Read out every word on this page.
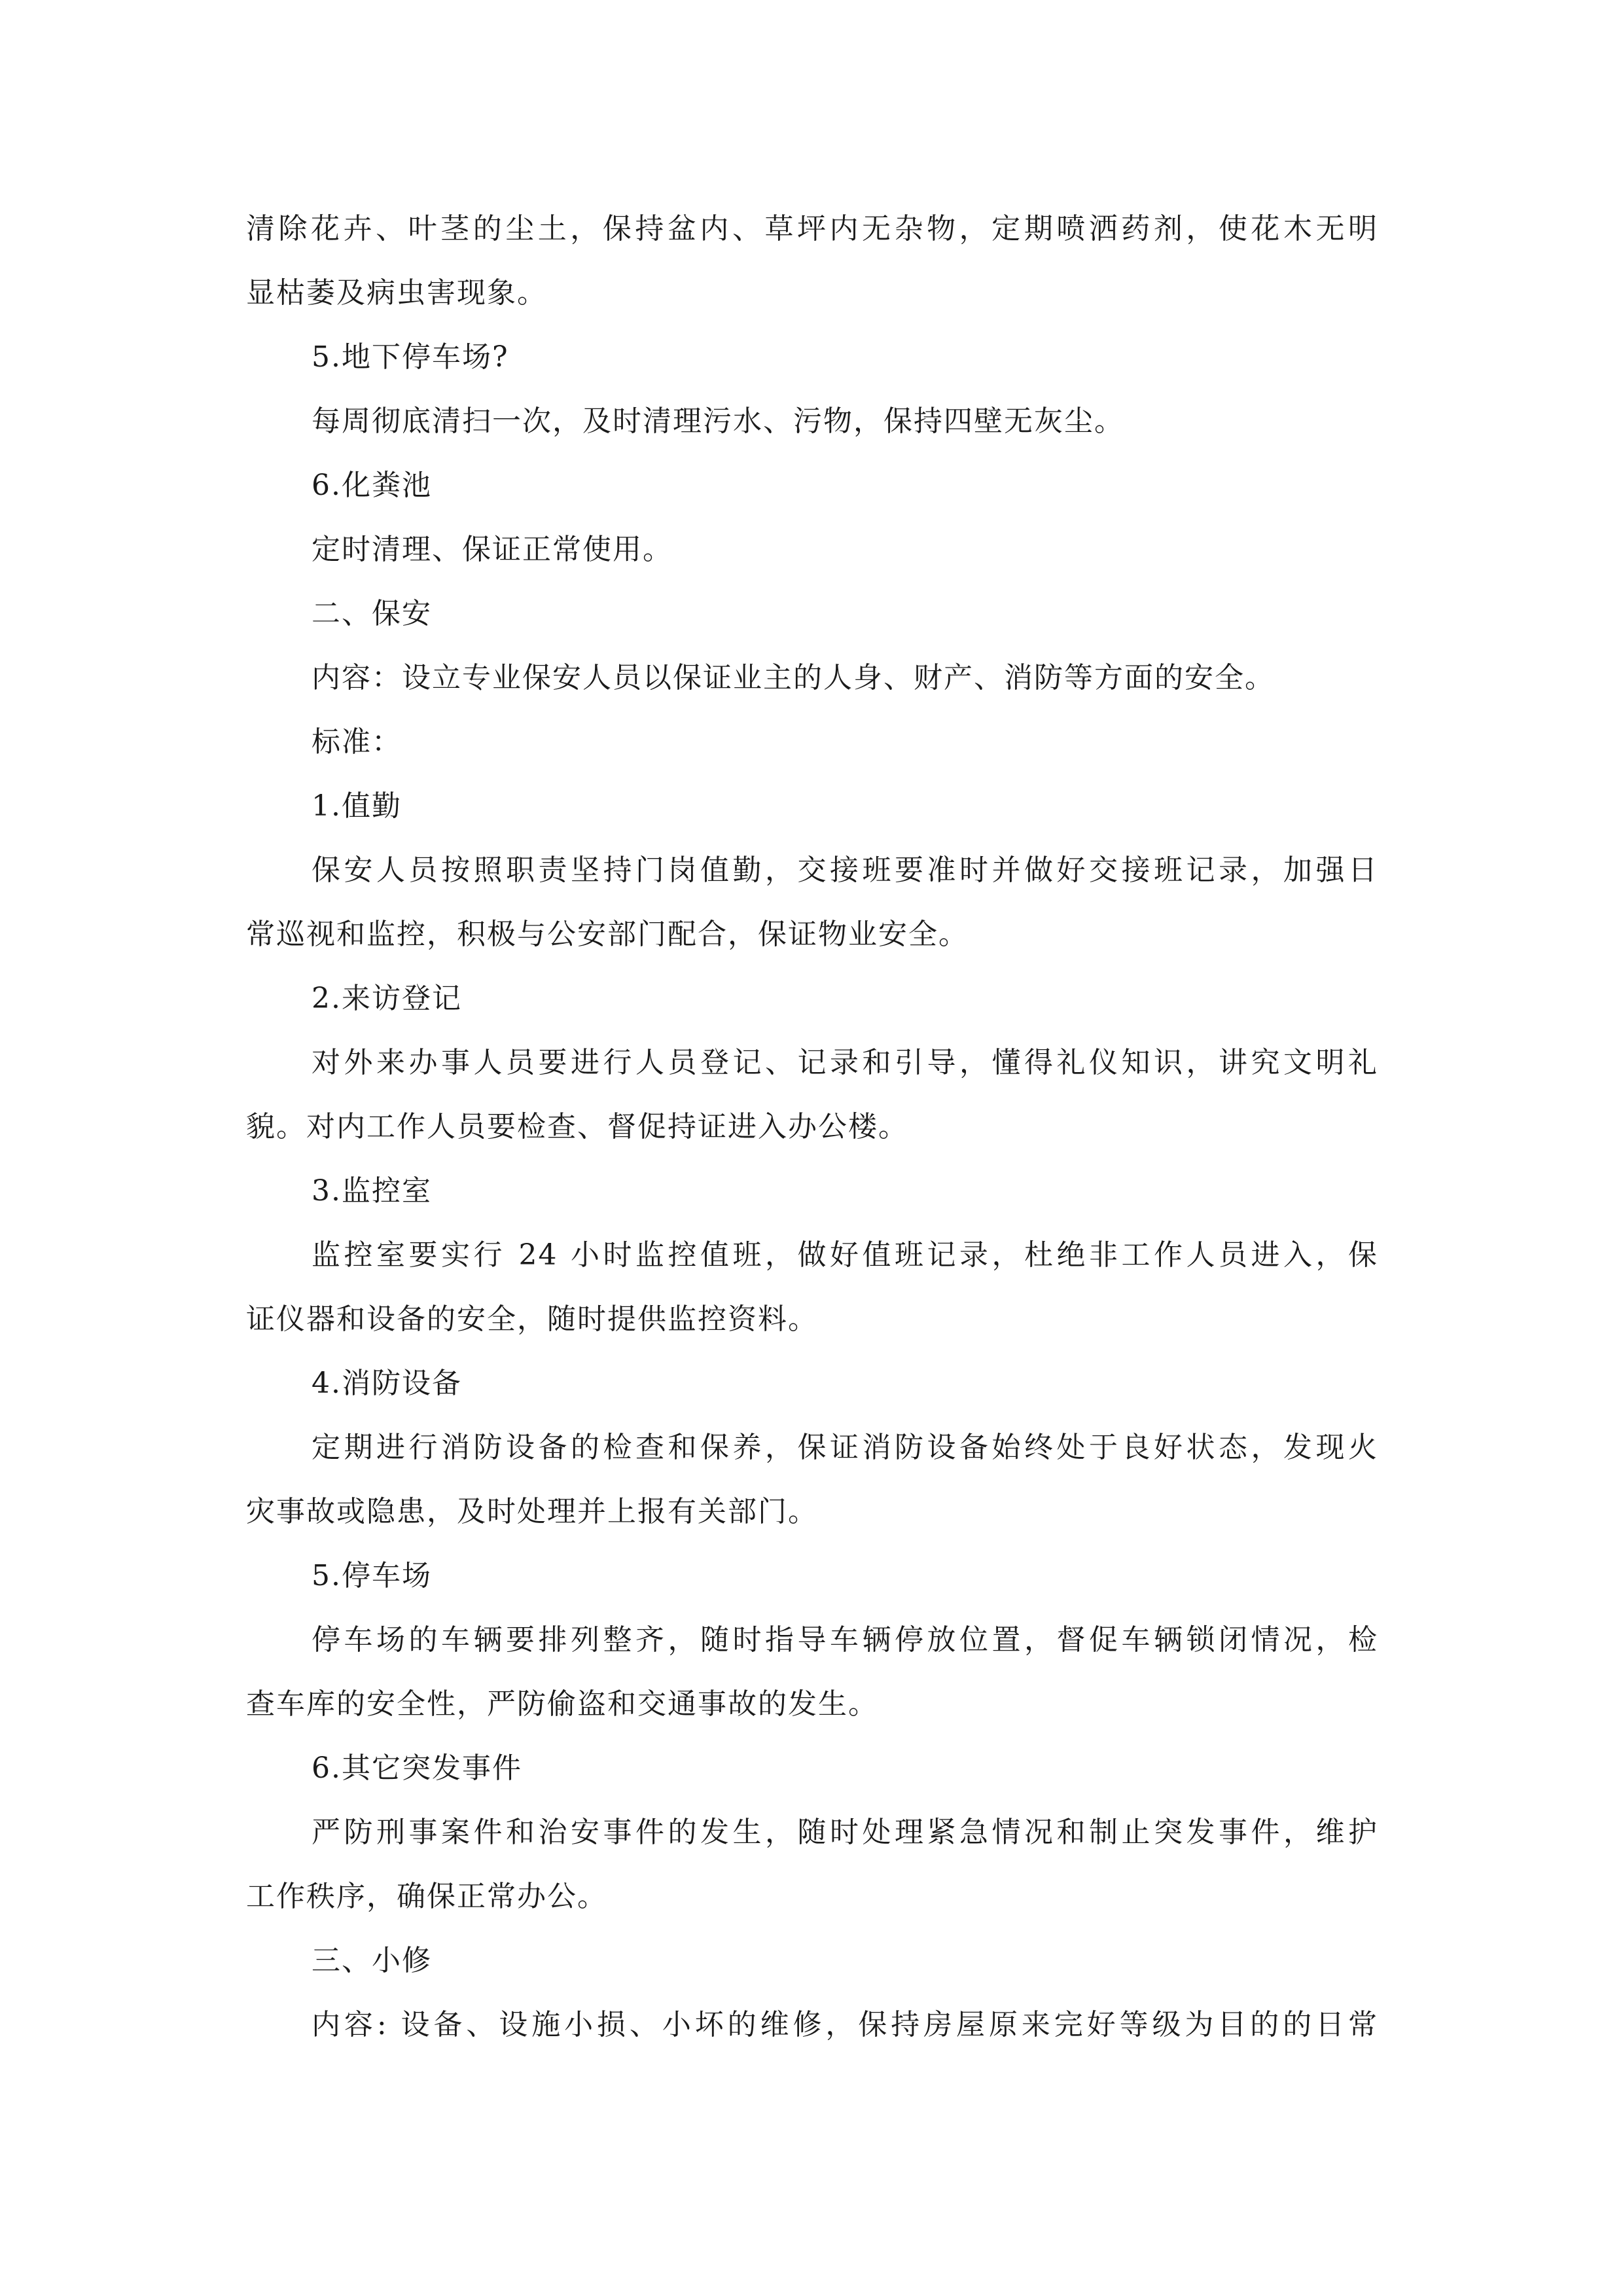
清除花卉、叶茎的尘土，保持盆内、草坪内无杂物，定期喷洒药剂，使花木无明
显枯萎及病虫害现象。
5.地下停车场?
每周彻底清扫一次，及时清理污水、污物，保持四壁无灰尘。
6.化粪池
定时清理、保证正常使用。
二、保安
内容：设立专业保安人员以保证业主的人身、财产、消防等方面的安全。
标准：
1.值勤
保安人员按照职责坚持门岗值勤，交接班要准时并做好交接班记录，加强日
常巡视和监控，积极与公安部门配合，保证物业安全。
2.来访登记
对外来办事人员要进行人员登记、记录和引导，懂得礼仪知识，讲究文明礼
貌。对内工作人员要检查、督促持证进入办公楼。
3.监控室
监控室要实行 24 小时监控值班，做好值班记录，杜绝非工作人员进入，保
证仪器和设备的安全，随时提供监控资料。
4.消防设备
定期进行消防设备的检查和保养，保证消防设备始终处于良好状态，发现火
灾事故或隐患，及时处理并上报有关部门。
5.停车场
停车场的车辆要排列整齐，随时指导车辆停放位置，督促车辆锁闭情况，检
查车库的安全性，严防偷盗和交通事故的发生。
6.其它突发事件
严防刑事案件和治安事件的发生，随时处理紧急情况和制止突发事件，维护
工作秩序，确保正常办公。
三、小修
内容: 设备、设施小损、小坏的维修，保持房屋原来完好等级为目的的日常
